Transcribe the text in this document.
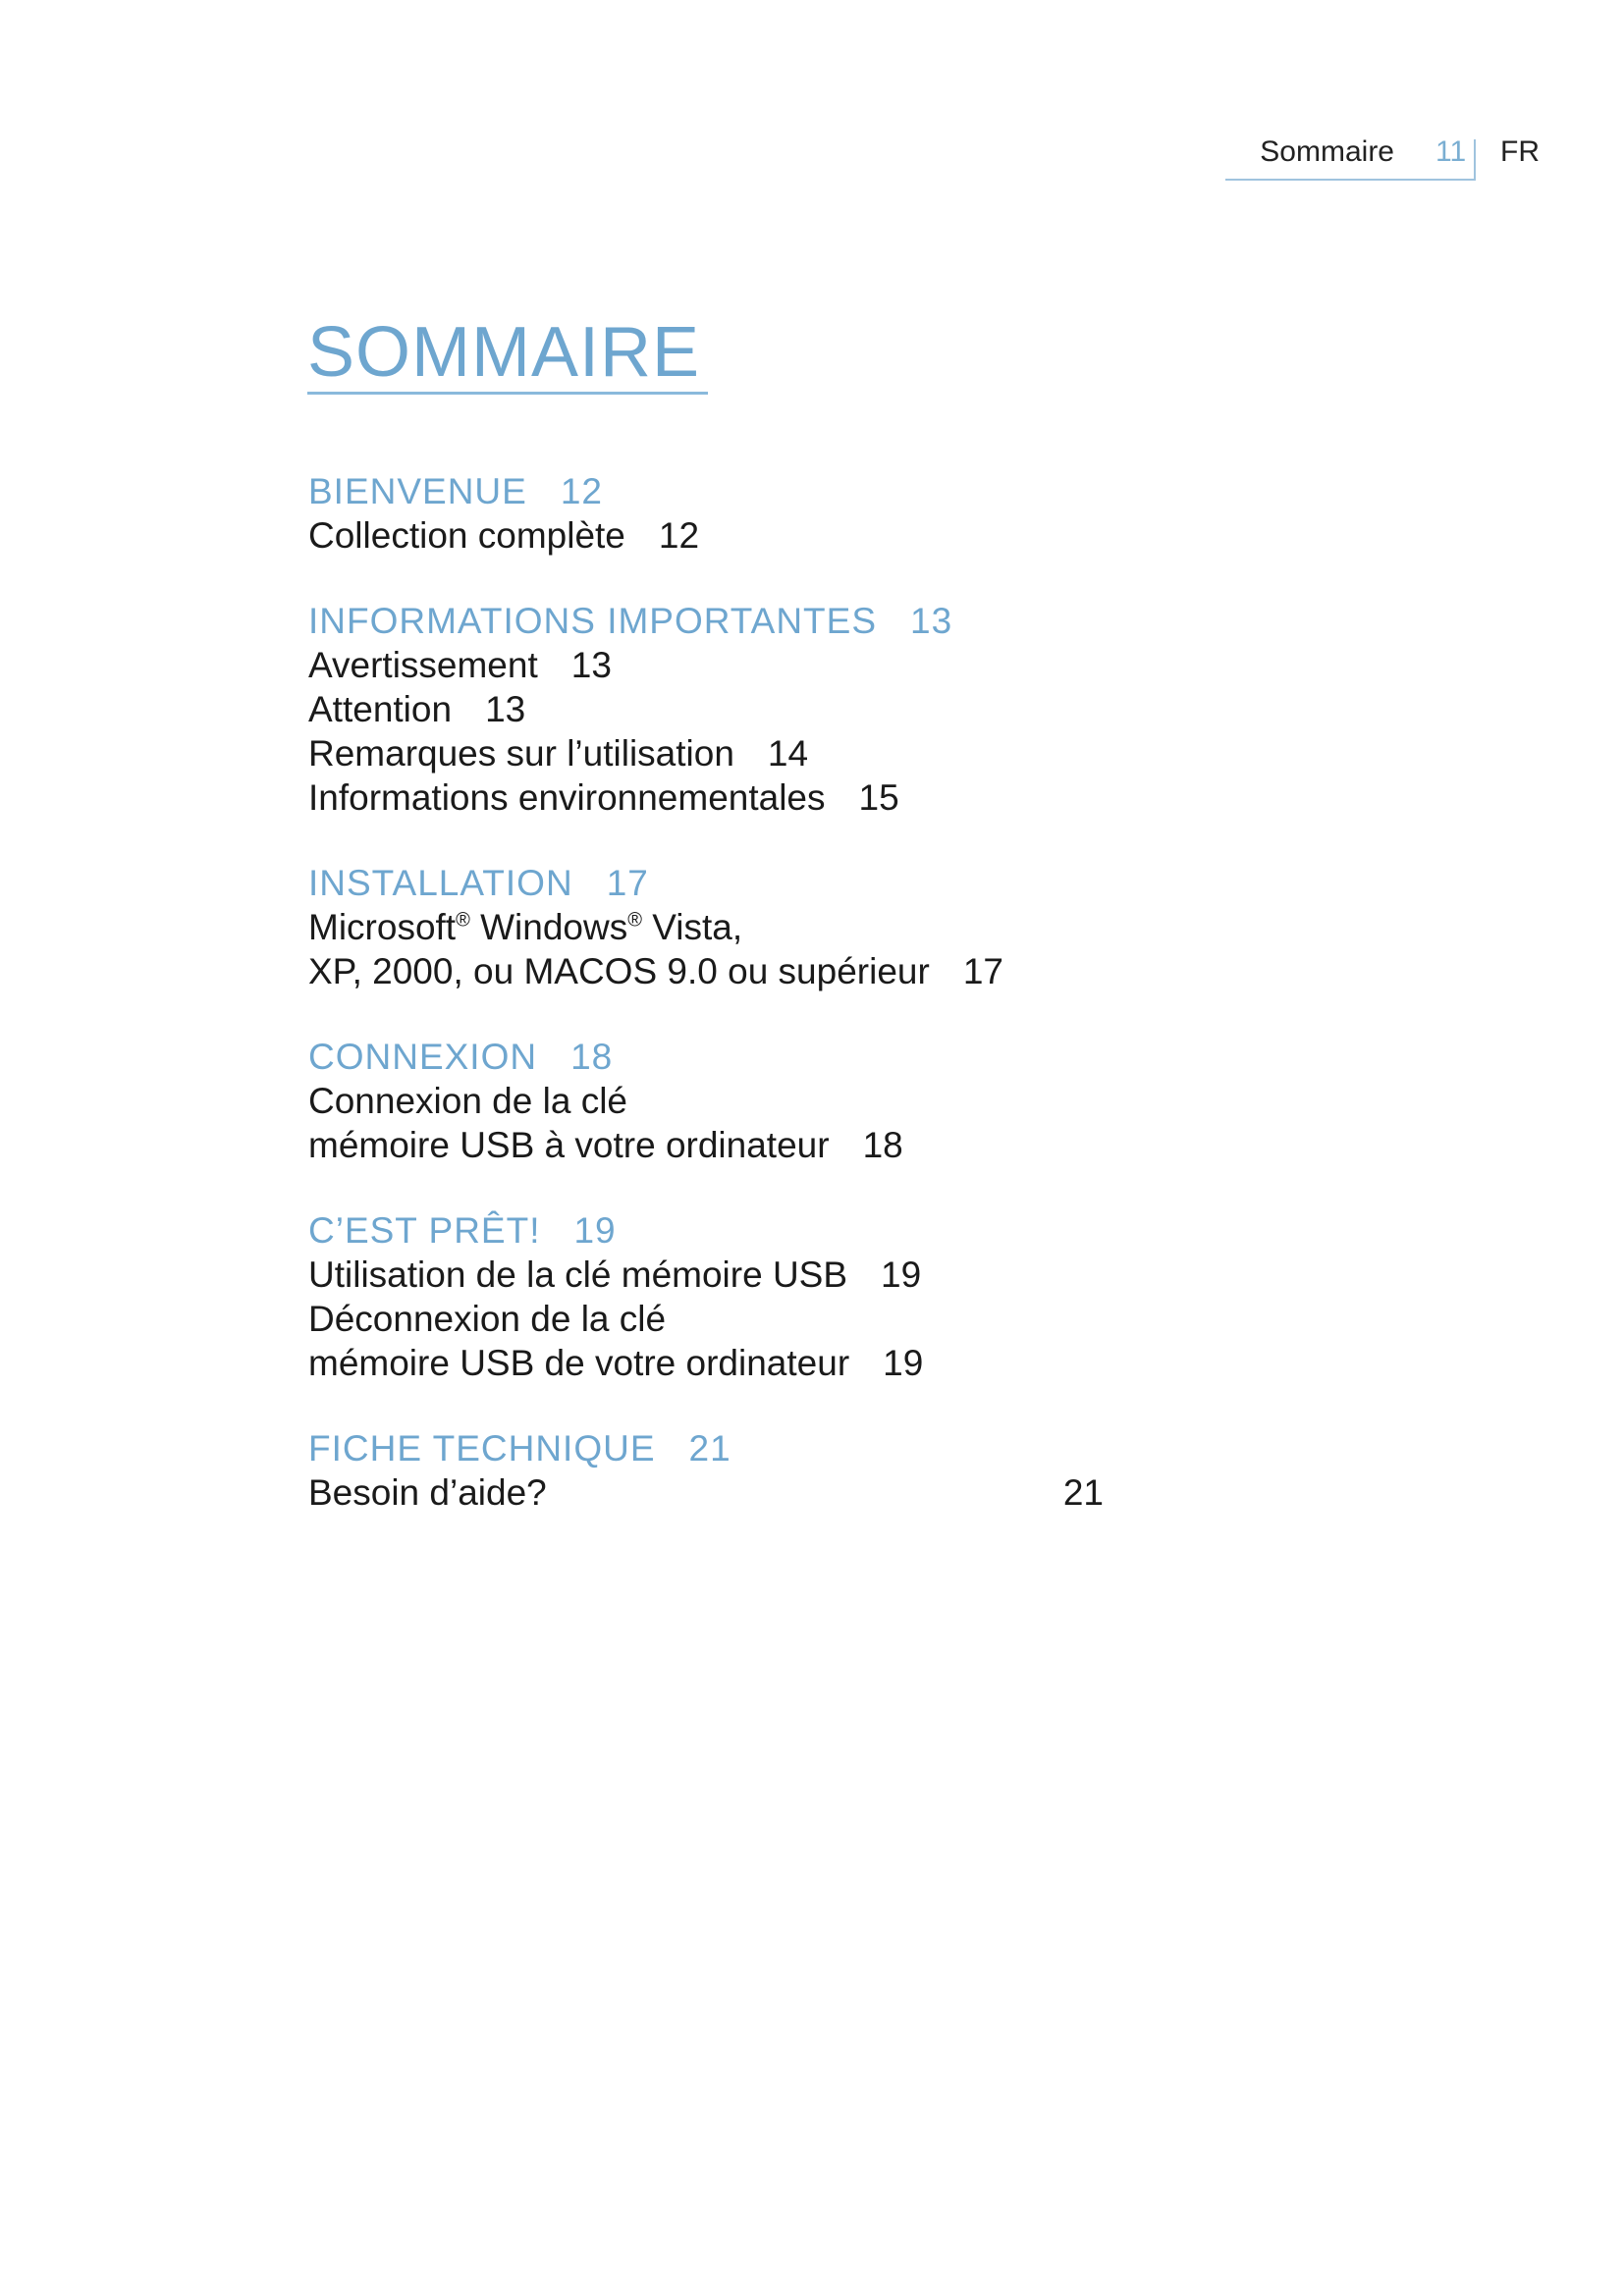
Sommaire 11 FR
SOMMAIRE
BIENVENUE 12
Collection complète 12
INFORMATIONS IMPORTANTES 13
Avertissement 13
Attention 13
Remarques sur l’utilisation 14
Informations environnementales 15
INSTALLATION 17
Microsoft® Windows® Vista,
XP, 2000, ou MACOS 9.0 ou supérieur 17
CONNEXION 18
Connexion de la clé
mémoire USB à votre ordinateur 18
C’EST PRÊT! 19
Utilisation de la clé mémoire USB 19
Déconnexion de la clé
mémoire USB de votre ordinateur 19
FICHE TECHNIQUE 21
Besoin d’aide?	21
